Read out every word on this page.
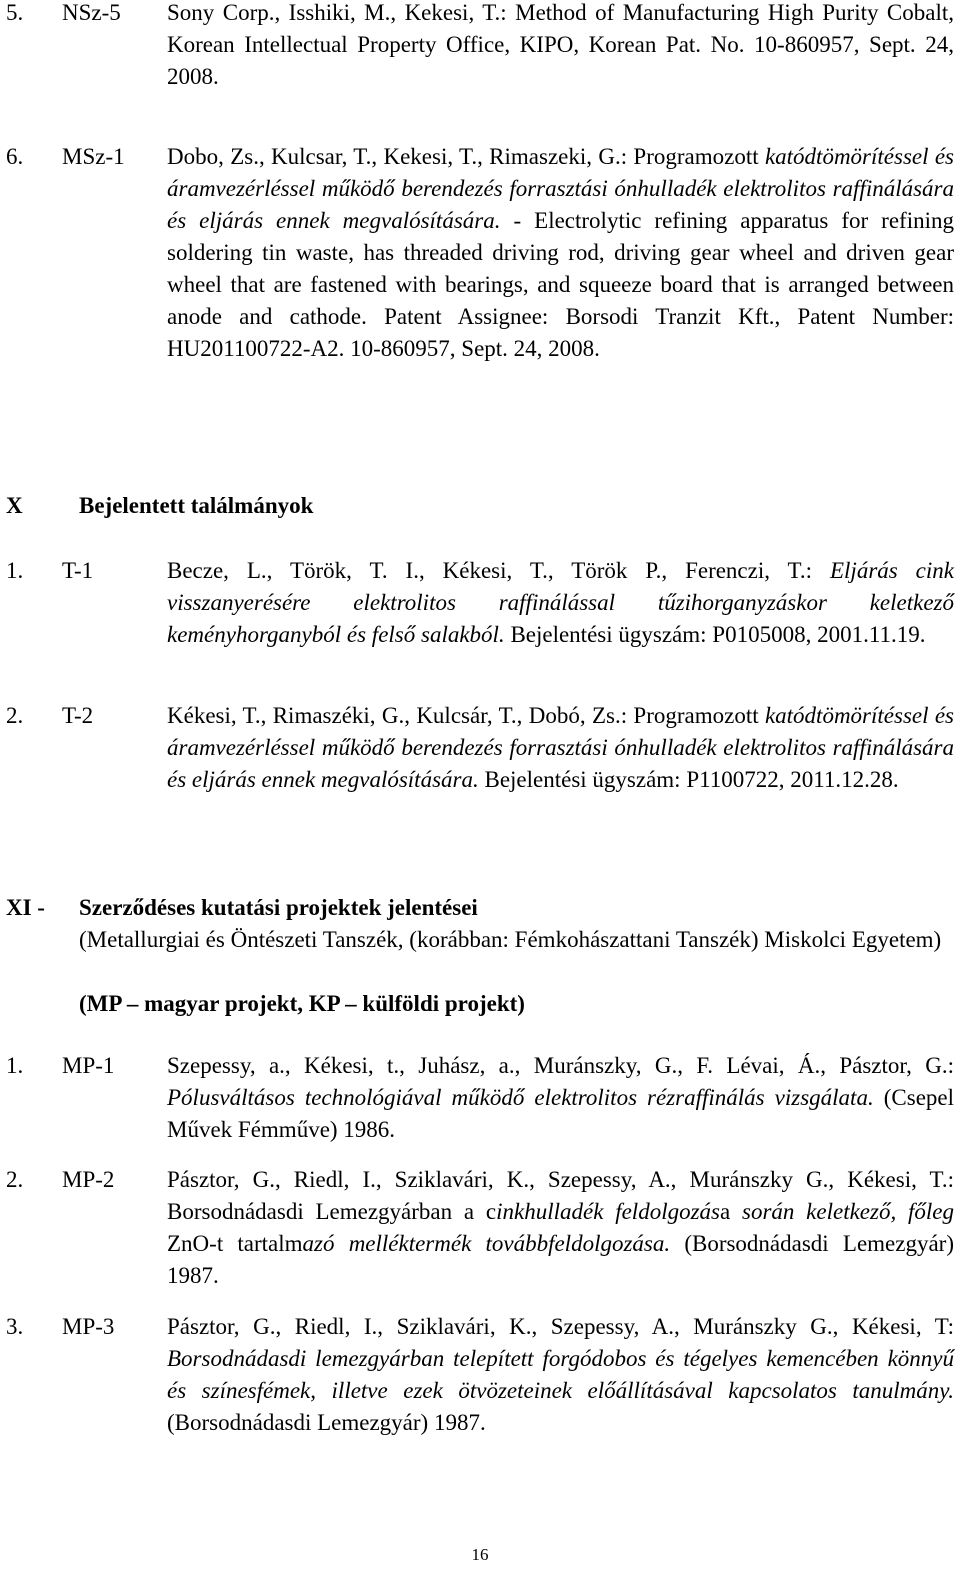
5. NSz-5 Sony Corp., Isshiki, M., Kekesi, T.: Method of Manufacturing High Purity Cobalt, Korean Intellectual Property Office, KIPO, Korean Pat. No. 10-860957, Sept. 24, 2008.
6. MSz-1 Dobo, Zs., Kulcsar, T., Kekesi, T., Rimaszeki, G.: Programozott katódtömörítéssel és áramvezérléssel működő berendezés forrasztási ónhulladék elektrolitos raffinálására és eljárás ennek megvalósítására. - Electrolytic refining apparatus for refining soldering tin waste, has threaded driving rod, driving gear wheel and driven gear wheel that are fastened with bearings, and squeeze board that is arranged between anode and cathode. Patent Assignee: Borsodi Tranzit Kft., Patent Number: HU201100722-A2. 10-860957, Sept. 24, 2008.
X Bejelentett találmányok
1. T-1	Becze, L., Török, T. I., Kékesi, T., Török P., Ferenczi, T.: Eljárás cink visszanyerésére elektrolitos raffinálással tűzihorganyzáskor keletkező keményhorganyból és felső salakból. Bejelentési ügyszám: P0105008, 2001.11.19.
2. T-2	Kékesi, T., Rimaszéki, G., Kulcsár, T., Dobó, Zs.: Programozott katódtömörítéssel és áramvezérléssel működő berendezés forrasztási ónhulladék elektrolitos raffinálására és eljárás ennek megvalósítására. Bejelentési ügyszám: P1100722, 2011.12.28.
XI - Szerződéses kutatási projektek jelentései
(Metallurgiai és Öntészeti Tanszék, (korábban: Fémkohászattani Tanszék) Miskolci Egyetem)
(MP – magyar projekt, KP – külföldi projekt)
1. MP-1 Szepessy, a., Kékesi, t., Juhász, a., Muránszky, G., F. Lévai, Á., Pásztor, G.: Pólusváltásos technológiával működő elektrolitos rézraffinálás vizsgálata. (Csepel Művek Fémműve) 1986.
2. MP-2 Pásztor, G., Riedl, I., Sziklavári, K., Szepessy, A., Muránszky G., Kékesi, T.: Borsodnádasdi Lemezgyárban a cinkhulladék feldolgozása során keletkező, főleg ZnO-t tartalmazó melléktermék továbbfeldolgozása. (Borsodnádasdi Lemezgyár) 1987.
3. MP-3 Pásztor, G., Riedl, I., Sziklavári, K., Szepessy, A., Muránszky G., Kékesi, T: Borsodnádasdi lemezgyárban telepített forgódobos és tégelyes kemencében könnyű és színesfémek, illetve ezek ötvözeteinek előállításával kapcsolatos tanulmány. (Borsodnádasdi Lemezgyár) 1987.
16
